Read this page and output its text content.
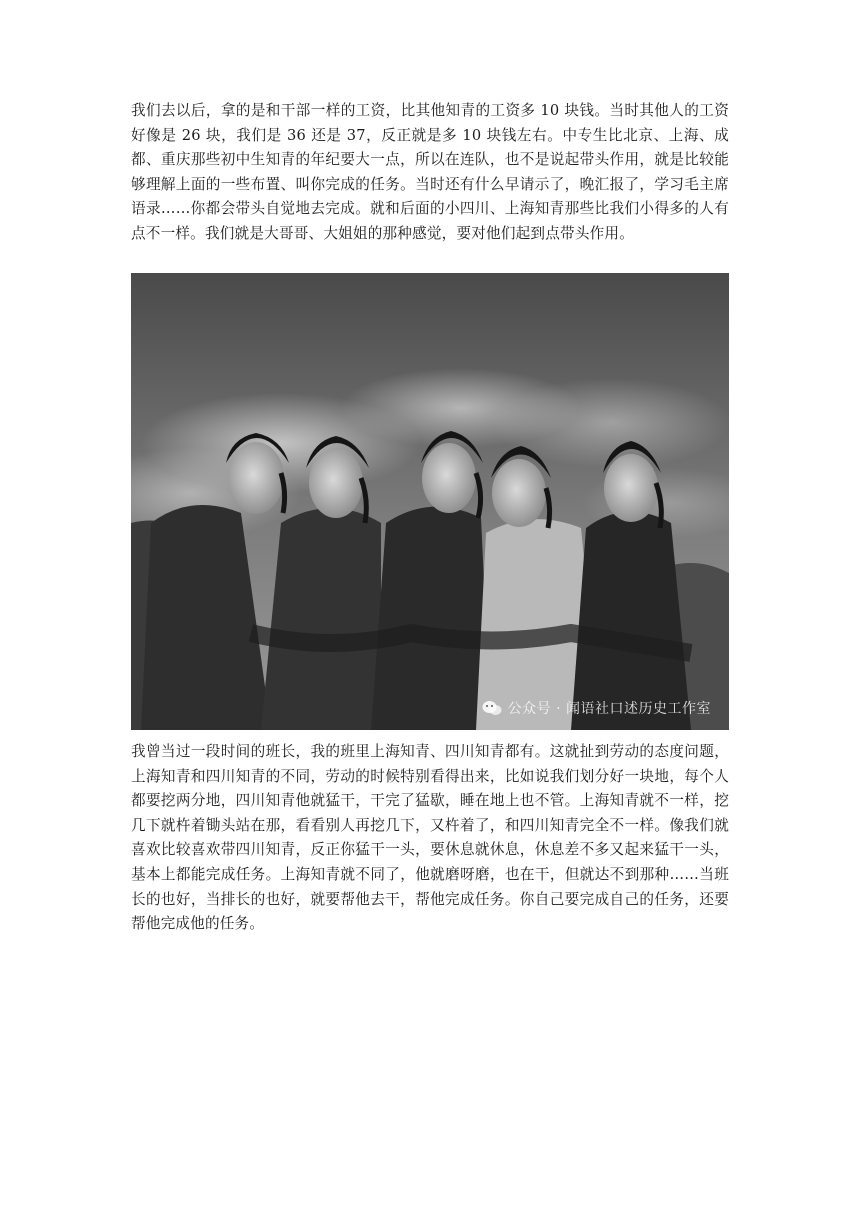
我们去以后，拿的是和干部一样的工资，比其他知青的工资多 10 块钱。当时其他人的工资好像是 26 块，我们是 36 还是 37，反正就是多 10 块钱左右。中专生比北京、上海、成都、重庆那些初中生知青的年纪要大一点，所以在连队，也不是说起带头作用，就是比较能够理解上面的一些布置、叫你完成的任务。当时还有什么早请示了，晚汇报了，学习毛主席语录……你都会带头自觉地去完成。就和后面的小四川、上海知青那些比我们小得多的人有点不一样。我们就是大哥哥、大姐姐的那种感觉，要对他们起到点带头作用。

公众号 · 闻语社口述历史工作室

我曾当过一段时间的班长，我的班里上海知青、四川知青都有。这就扯到劳动的态度问题，上海知青和四川知青的不同，劳动的时候特别看得出来，比如说我们划分好一块地，每个人都要挖两分地，四川知青他就猛干，干完了猛歇，睡在地上也不管。上海知青就不一样，挖几下就杵着锄头站在那，看看别人再挖几下，又杵着了，和四川知青完全不一样。像我们就喜欢比较喜欢带四川知青，反正你猛干一头，要休息就休息，休息差不多又起来猛干一头，基本上都能完成任务。上海知青就不同了，他就磨呀磨，也在干，但就达不到那种……当班长的也好，当排长的也好，就要帮他去干，帮他完成任务。你自己要完成自己的任务，还要帮他完成他的任务。
